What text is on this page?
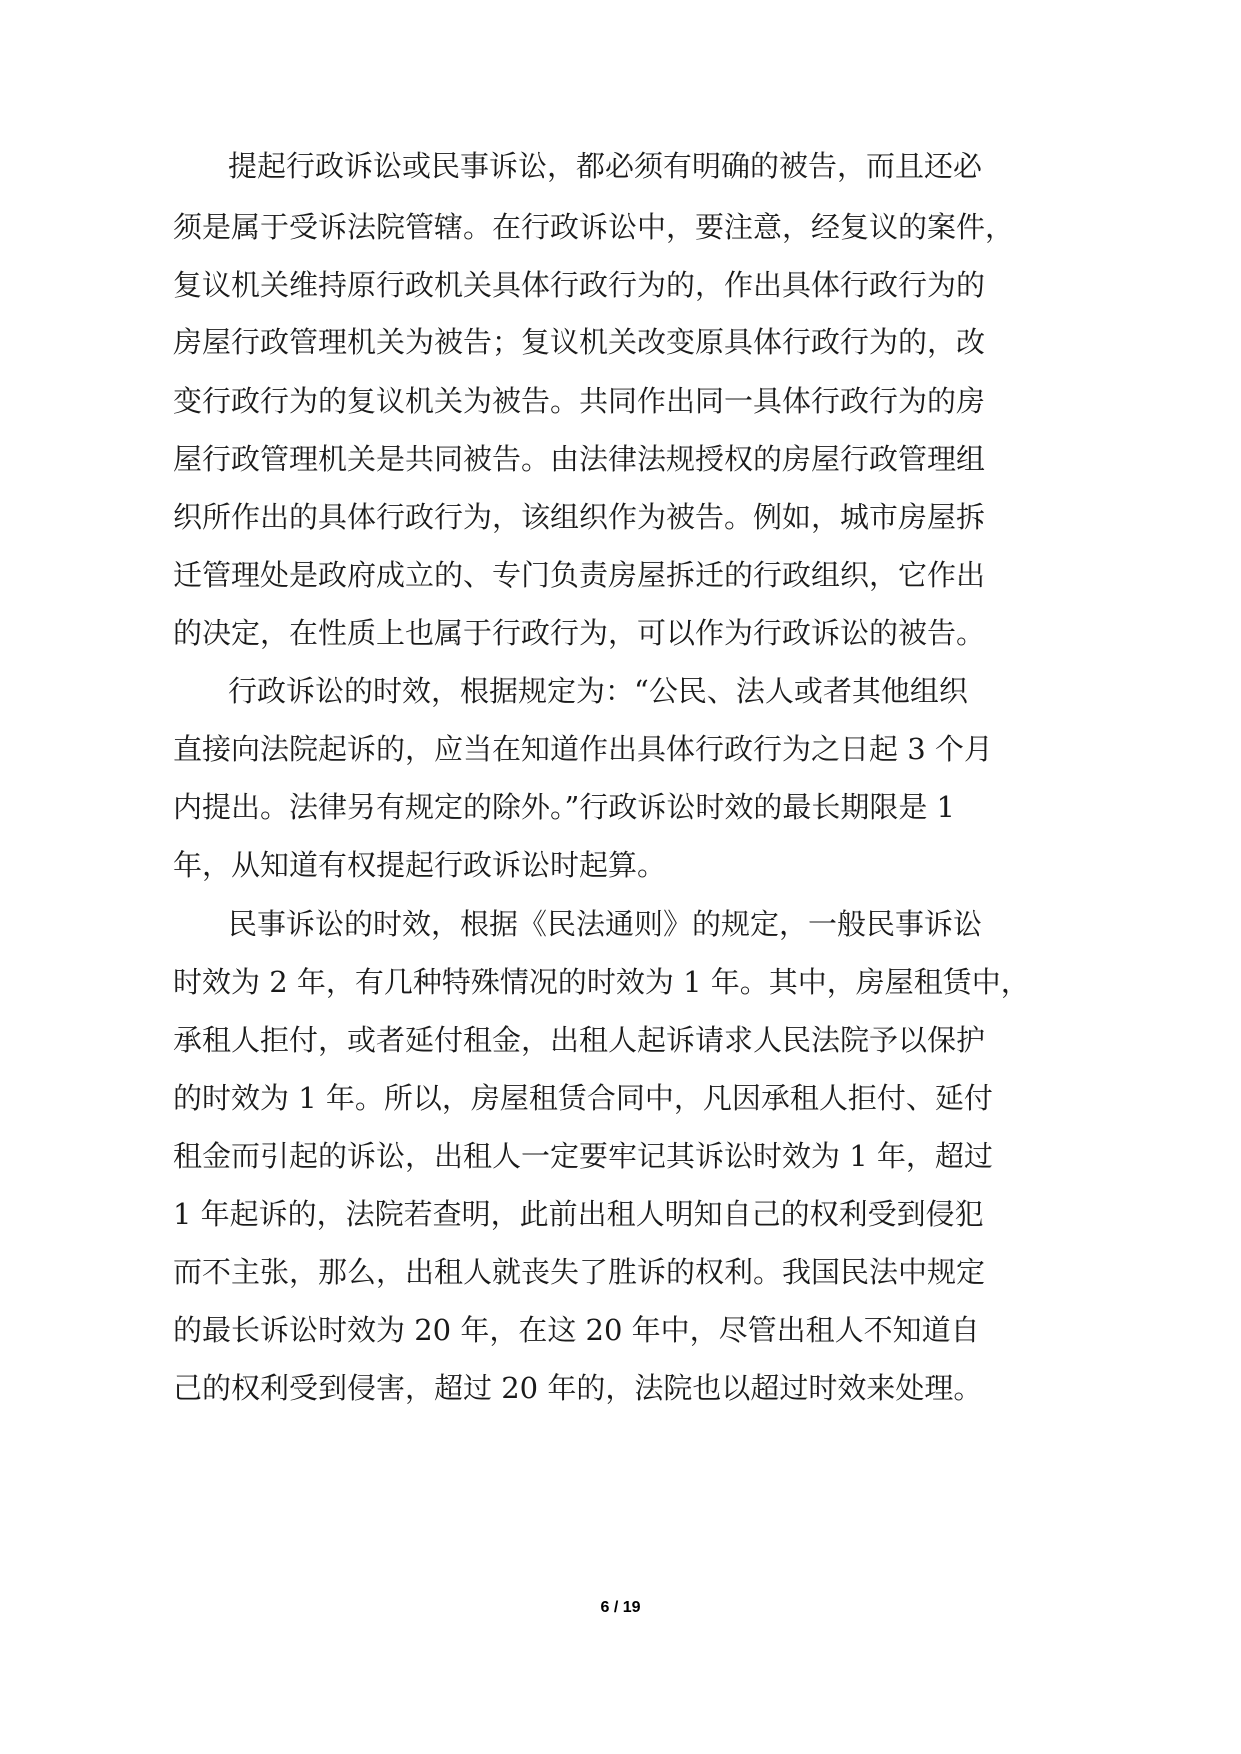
提起行政诉讼或民事诉讼，都必须有明确的被告，而且还必
须是属于受诉法院管辖。在行政诉讼中，要注意，经复议的案件，
复议机关维持原行政机关具体行政行为的，作出具体行政行为的
房屋行政管理机关为被告；复议机关改变原具体行政行为的，改
变行政行为的复议机关为被告。共同作出同一具体行政行为的房
屋行政管理机关是共同被告。由法律法规授权的房屋行政管理组
织所作出的具体行政行为，该组织作为被告。例如，城市房屋拆
迁管理处是政府成立的、专门负责房屋拆迁的行政组织，它作出
的决定，在性质上也属于行政行为，可以作为行政诉讼的被告。
行政诉讼的时效，根据规定为：“公民、法人或者其他组织
直接向法院起诉的，应当在知道作出具体行政行为之日起 3 个月
内提出。法律另有规定的除外。”行政诉讼时效的最长期限是 1
年，从知道有权提起行政诉讼时起算。
民事诉讼的时效，根据《民法通则》的规定，一般民事诉讼
时效为 2 年，有几种特殊情况的时效为 1 年。其中，房屋租赁中，
承租人拒付，或者延付租金，出租人起诉请求人民法院予以保护
的时效为 1 年。所以，房屋租赁合同中，凡因承租人拒付、延付
租金而引起的诉讼，出租人一定要牢记其诉讼时效为 1 年，超过
1 年起诉的，法院若查明，此前出租人明知自己的权利受到侵犯
而不主张，那么，出租人就丧失了胜诉的权利。我国民法中规定
的最长诉讼时效为 20 年，在这 20 年中，尽管出租人不知道自
己的权利受到侵害，超过 20 年的，法院也以超过时效来处理。
6 / 19
